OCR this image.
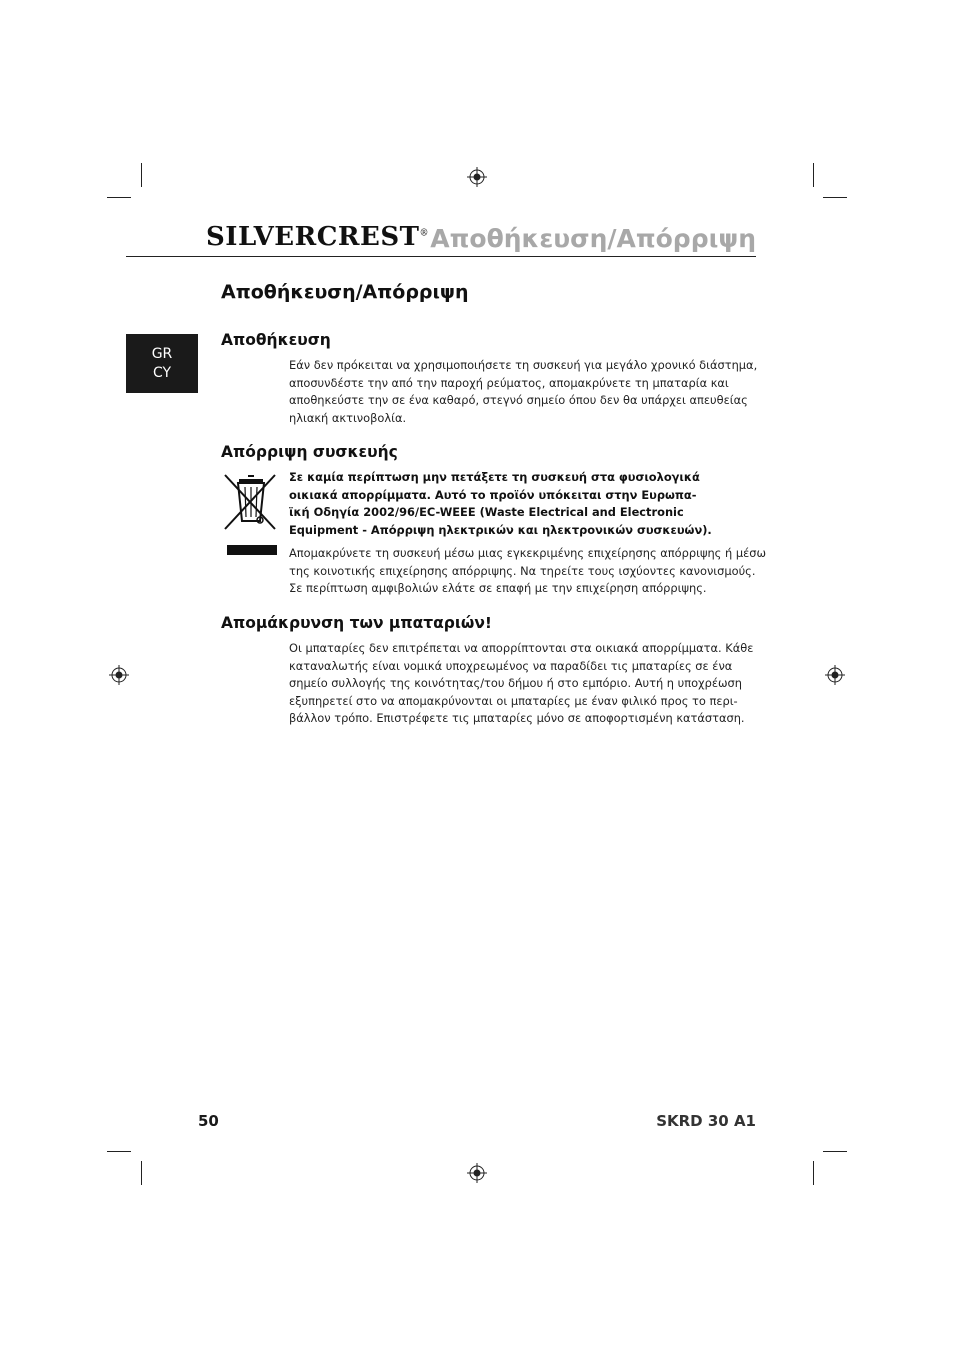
SILVERCREST® Αποθήκευση/Απόρριψη
GR
CY
Αποθήκευση/Απόρριψη
Αποθήκευση
Εάν δεν πρόκειται να χρησιμοποιήσετε τη συσκευή για μεγάλο χρονικό διάστημα,
αποσυνδέστε την από την παροχή ρεύματος, απομακρύνετε τη μπαταρία και
αποθηκεύστε την σε ένα καθαρό, στεγνό σημείο όπου δεν θα υπάρχει απευθείας
ηλιακή ακτινοβολία.
Απόρριψη συσκευής
Σε καμία περίπτωση μην πετάξετε τη συσκευή στα φυσιολογικά
οικιακά απορρίμματα. Αυτό το προϊόν υπόκειται στην Ευρωπα-
ϊκή Οδηγία 2002/96/EC-WEEE (Waste Electrical and Electronic
Equipment - Απόρριψη ηλεκτρικών και ηλεκτρονικών συσκευών).
Απομακρύνετε τη συσκευή μέσω μιας εγκεκριμένης επιχείρησης απόρριψης ή μέσω
της κοινοτικής επιχείρησης απόρριψης. Να τηρείτε τους ισχύοντες κανονισμούς.
Σε περίπτωση αμφιβολιών ελάτε σε επαφή με την επιχείρηση απόρριψης.
Απομάκρυνση των μπαταριών!
Οι μπαταρίες δεν επιτρέπεται να απορρίπτονται στα οικιακά απορρίμματα. Κάθε
καταναλωτής είναι νομικά υποχρεωμένος να παραδίδει τις μπαταρίες σε ένα
σημείο συλλογής της κοινότητας/του δήμου ή στο εμπόριο. Αυτή η υποχρέωση
εξυπηρετεί στο να απομακρύνονται οι μπαταρίες με έναν φιλικό προς το περι-
βάλλον τρόπο. Επιστρέφετε τις μπαταρίες μόνο σε αποφορτισμένη κατάσταση.
50	SKRD 30 A1
